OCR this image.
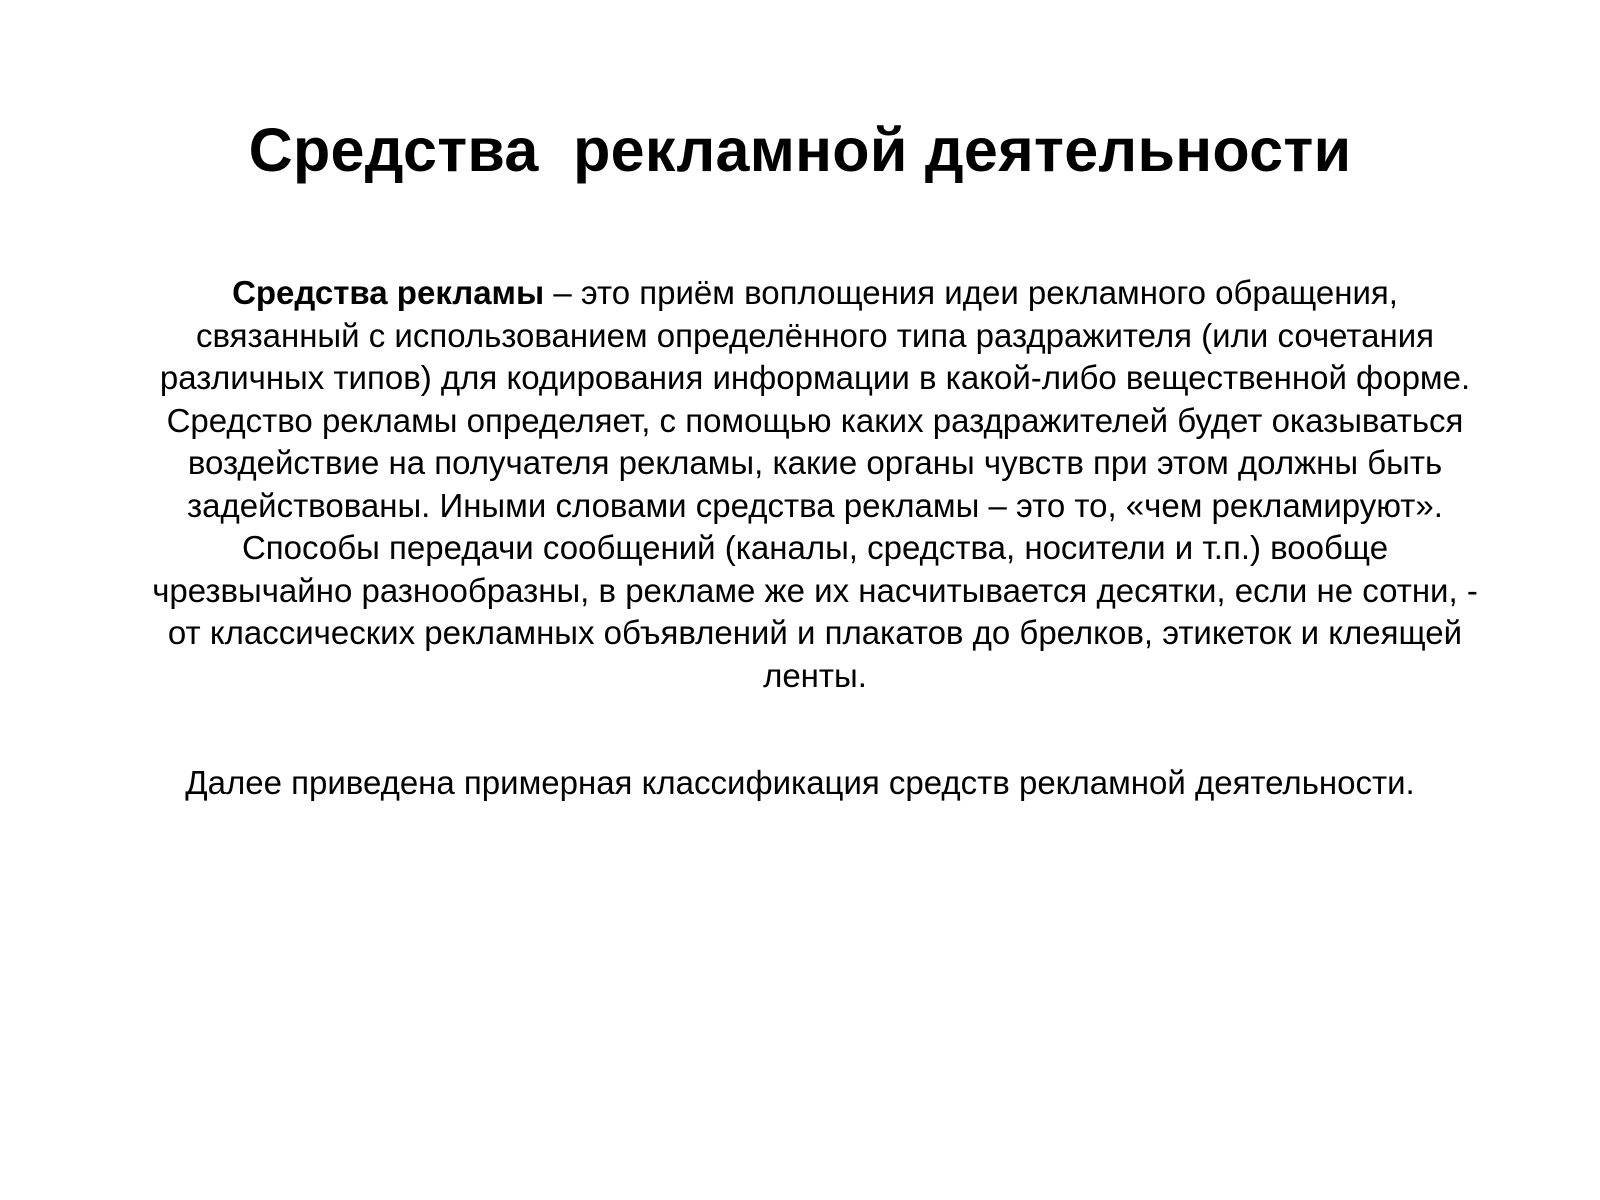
Средства  рекламной деятельности

Средства рекламы – это приём воплощения идеи рекламного обращения, связанный с использованием определённого типа раздражителя (или сочетания различных типов) для кодирования информации в какой-либо вещественной форме. Средство рекламы определяет, с помощью каких раздражителей будет оказываться воздействие на получателя рекламы, какие органы чувств при этом должны быть задействованы. Иными словами средства рекламы – это то, «чем рекламируют». Способы передачи сообщений (каналы, средства, носители и т.п.) вообще чрезвычайно разнообразны, в рекламе же их насчитывается десятки, если не сотни, - от классических рекламных объявлений и плакатов до брелков, этикеток и клеящей ленты.

Далее приведена примерная классификация средств рекламной деятельности.
